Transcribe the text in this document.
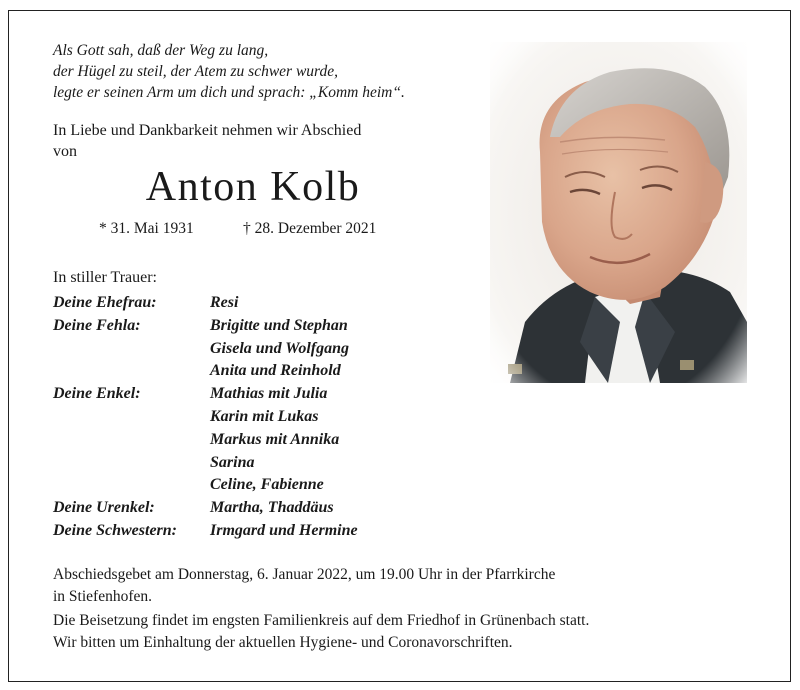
Als Gott sah, daß der Weg zu lang,
der Hügel zu steil, der Atem zu schwer wurde,
legte er seinen Arm um dich und sprach: „Komm heim“.
In Liebe und Dankbarkeit nehmen wir Abschied
von
Anton Kolb
* 31. Mai 1931	† 28. Dezember 2021
In stiller Trauer:
Deine Ehefrau:	Resi
Deine Fehla:	Brigitte und Stephan
Gisela und Wolfgang
Anita und Reinhold
Deine Enkel:	Mathias mit Julia
Karin mit Lukas
Markus mit Annika
Sarina
Celine, Fabienne
Deine Urenkel:	Martha, Thaddäus
Deine Schwestern:	Irmgard und Hermine

Abschiedsgebet am Donnerstag, 6. Januar 2022, um 19.00 Uhr in der Pfarrkirche

in Stiefenhofen.

Die Beisetzung findet im engsten Familienkreis auf dem Friedhof in Grünenbach statt.

Wir bitten um Einhaltung der aktuellen Hygiene- und Coronavorschriften.
